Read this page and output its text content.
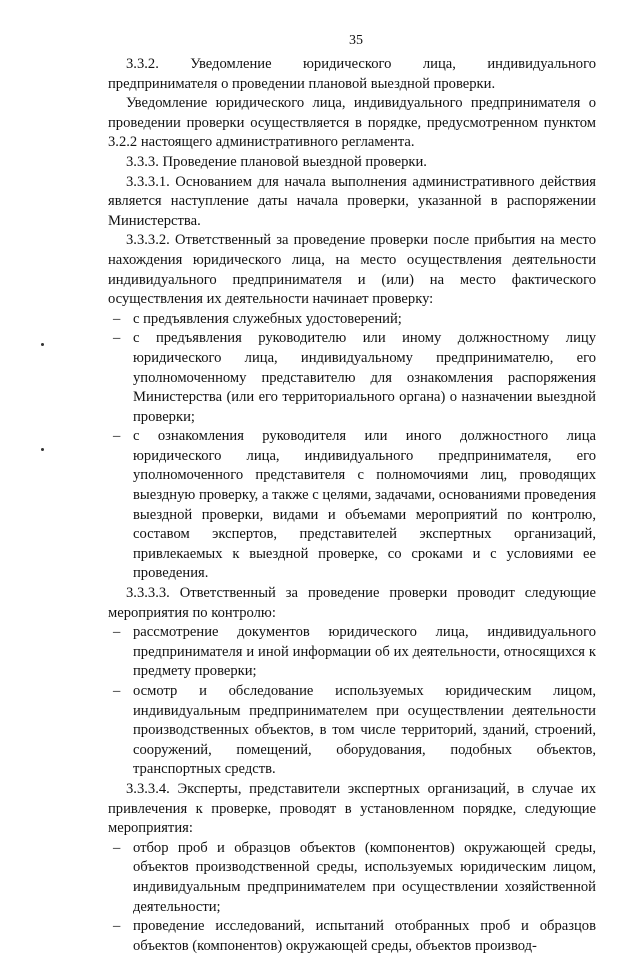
35

3.3.2. Уведомление юридического лица, индивидуального предпринимателя о проведении плановой выездной проверки.

Уведомление юридического лица, индивидуального предпринимателя о проведении проверки осуществляется в порядке, предусмотренном пунктом 3.2.2 настоящего административного регламента.

3.3.3. Проведение плановой выездной проверки.

3.3.3.1. Основанием для начала выполнения административного действия является наступление даты начала проверки, указанной в распоряжении Министерства.

3.3.3.2. Ответственный за проведение проверки после прибытия на место нахождения юридического лица, на место осуществления деятельности индивидуального предпринимателя и (или) на место фактического осуществления их деятельности начинает проверку:

– с предъявления служебных удостоверений;
– с предъявления руководителю или иному должностному лицу юридического лица, индивидуальному предпринимателю, его уполномоченному представителю для ознакомления распоряжения Министерства (или его территориального органа) о назначении выездной проверки;
– с ознакомления руководителя или иного должностного лица юридического лица, индивидуального предпринимателя, его уполномоченного представителя с полномочиями лиц, проводящих выездную проверку, а также с целями, задачами, основаниями проведения выездной проверки, видами и объемами мероприятий по контролю, составом экспертов, представителей экспертных организаций, привлекаемых к выездной проверке, со сроками и с условиями ее проведения.

3.3.3.3. Ответственный за проведение проверки проводит следующие мероприятия по контролю:

– рассмотрение документов юридического лица, индивидуального предпринимателя и иной информации об их деятельности, относящихся к предмету проверки;
– осмотр и обследование используемых юридическим лицом, индивидуальным предпринимателем при осуществлении деятельности производственных объектов, в том числе территорий, зданий, строений, сооружений, помещений, оборудования, подобных объектов, транспортных средств.

3.3.3.4. Эксперты, представители экспертных организаций, в случае их привлечения к проверке, проводят в установленном порядке, следующие мероприятия:

– отбор проб и образцов объектов (компонентов) окружающей среды, объектов производственной среды, используемых юридическим лицом, индивидуальным предпринимателем при осуществлении хозяйственной деятельности;
– проведение исследований, испытаний отобранных проб и образцов объектов (компонентов) окружающей среды, объектов производ-
